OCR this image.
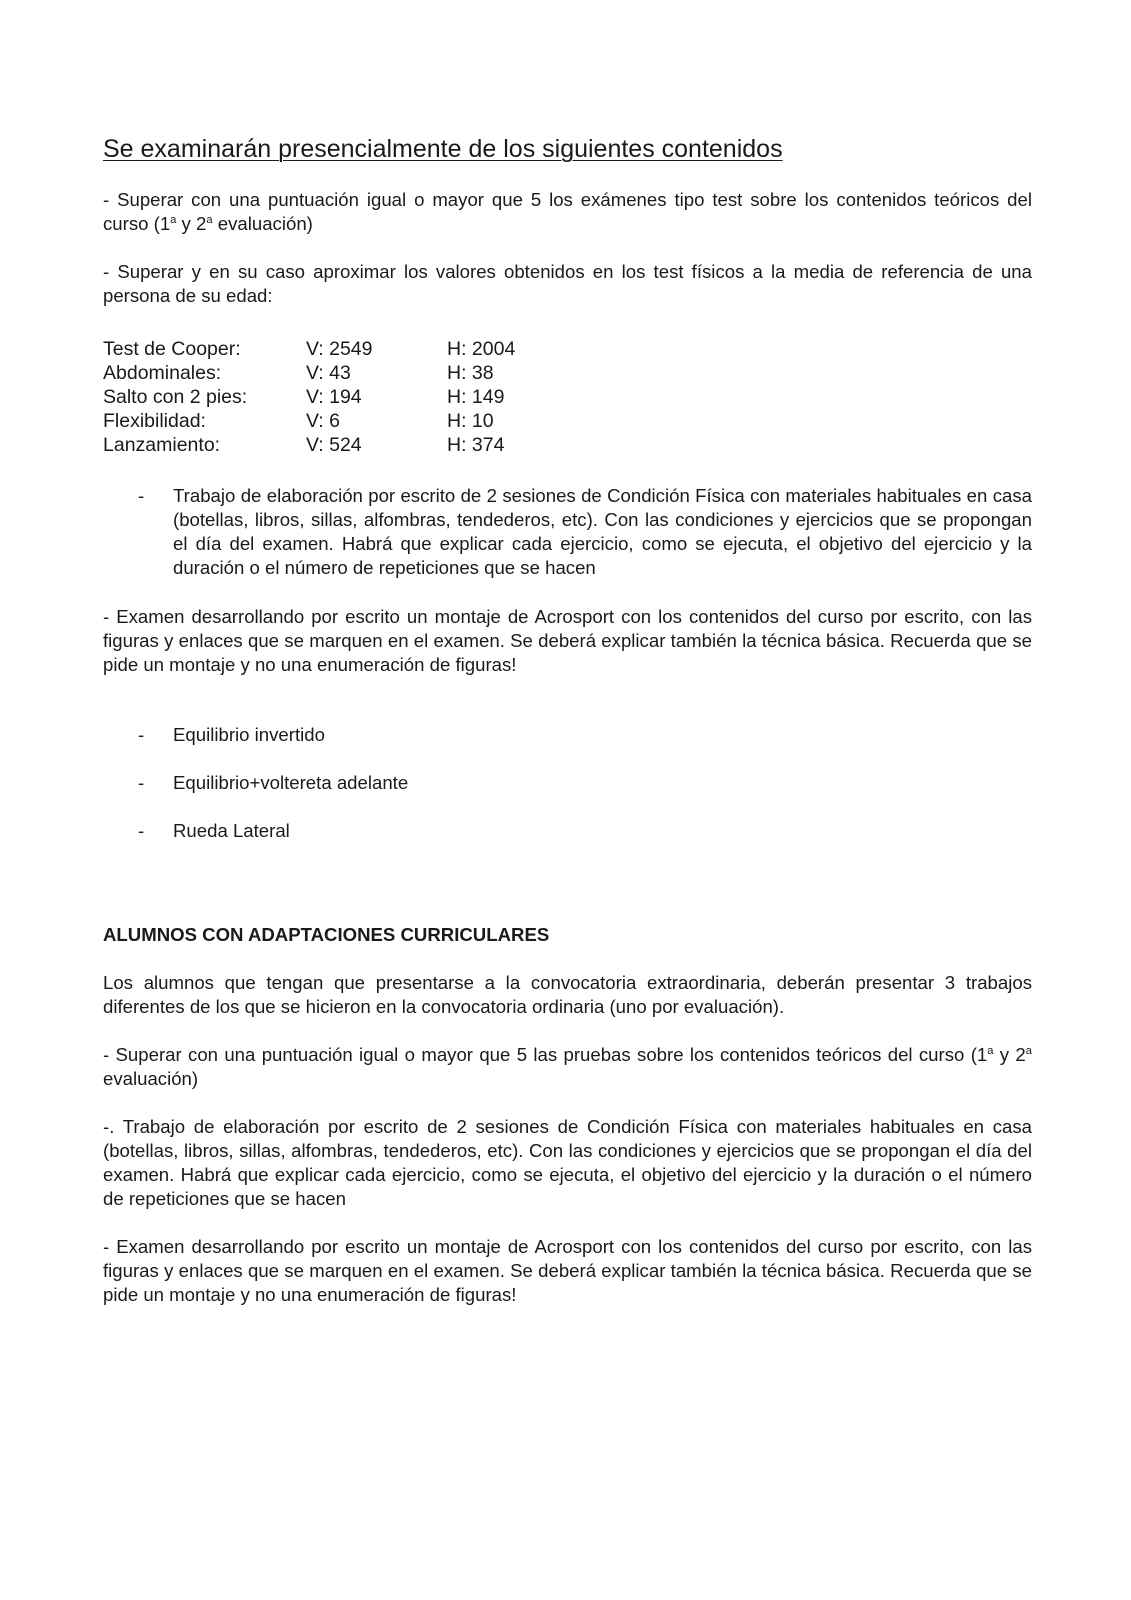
Se examinarán presencialmente de los siguientes contenidos

- Superar con una puntuación igual o mayor que 5 los exámenes tipo test sobre los contenidos teóricos del curso (1$^a$ y 2$^a$ evaluación)

- Superar y en su caso aproximar los valores obtenidos en los test físicos a la media de referencia de una persona de su edad:

Test de Cooper:	V: 2549	H: 2004
Abdominales:	V: 43	H: 38
Salto con 2 pies:	V: 194	H: 149
Flexibilidad:	V: 6	H: 10
Lanzamiento:	V: 524	H: 374
- Trabajo de elaboración por escrito de 2 sesiones de Condición Física con materiales habituales en casa (botellas, libros, sillas, alfombras, tendederos, etc). Con las condiciones y ejercicios que se propongan el día del examen. Habrá que explicar cada ejercicio, como se ejecuta, el objetivo del ejercicio y la duración o el número de repeticiones que se hacen

- Examen desarrollando por escrito un montaje de Acrosport con los contenidos del curso por escrito, con las figuras y enlaces que se marquen en el examen. Se deberá explicar también la técnica básica. Recuerda que se pide un montaje y no una enumeración de figuras!

- Equilibrio invertido
- Equilibrio+voltereta adelante
- Rueda Lateral
ALUMNOS CON ADAPTACIONES CURRICULARES

Los alumnos que tengan que presentarse a la convocatoria extraordinaria, deberán presentar 3 trabajos diferentes de los que se hicieron en la convocatoria ordinaria (uno por evaluación).

- Superar con una puntuación igual o mayor que 5 las pruebas sobre los contenidos teóricos del curso (1$^a$ y 2$^a$ evaluación)

-. Trabajo de elaboración por escrito de 2 sesiones de Condición Física con materiales habituales en casa (botellas, libros, sillas, alfombras, tendederos, etc). Con las condiciones y ejercicios que se propongan el día del examen. Habrá que explicar cada ejercicio, como se ejecuta, el objetivo del ejercicio y la duración o el número de repeticiones que se hacen

- Examen desarrollando por escrito un montaje de Acrosport con los contenidos del curso por escrito, con las figuras y enlaces que se marquen en el examen. Se deberá explicar también la técnica básica. Recuerda que se pide un montaje y no una enumeración de figuras!
